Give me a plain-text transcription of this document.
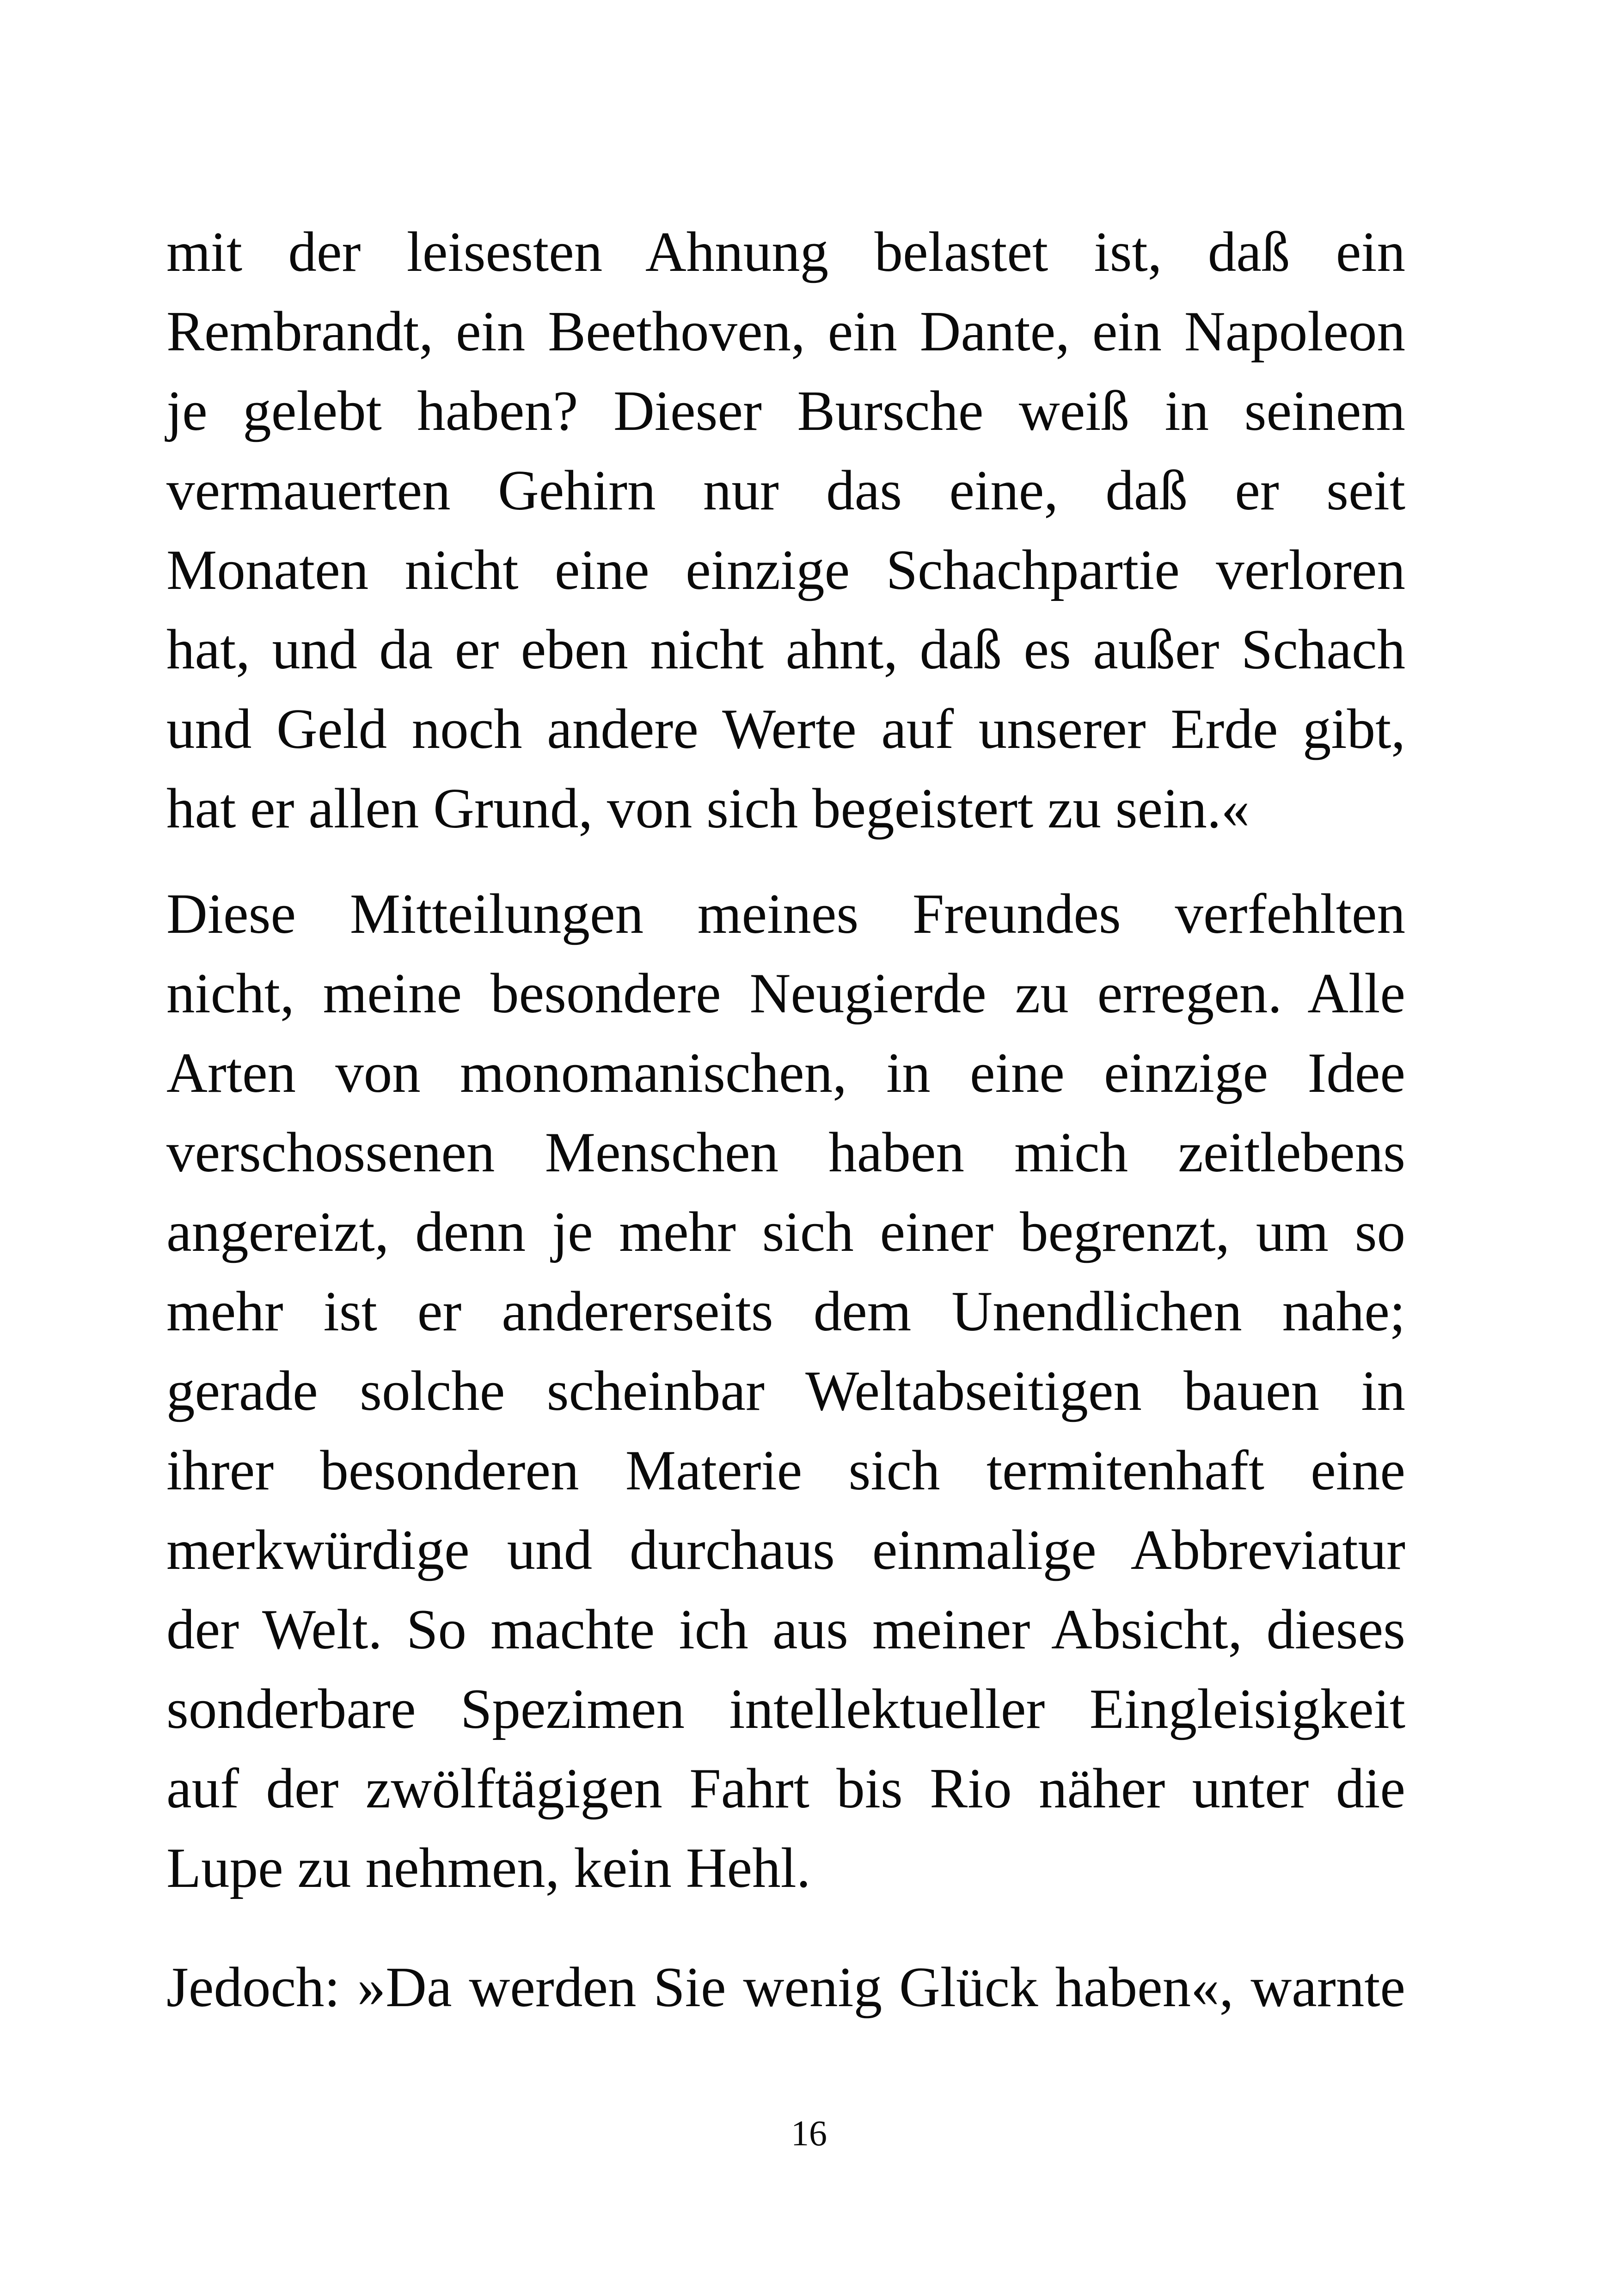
mit der leisesten Ahnung belastet ist, daß ein
Rembrandt, ein Beethoven, ein Dante, ein Napoleon
je gelebt haben? Dieser Bursche weiß in seinem
vermauerten Gehirn nur das eine, daß er seit
Monaten nicht eine einzige Schachpartie verloren
hat, und da er eben nicht ahnt, daß es außer Schach
und Geld noch andere Werte auf unserer Erde gibt,
hat er allen Grund, von sich begeistert zu sein.«
Diese Mitteilungen meines Freundes verfehlten
nicht, meine besondere Neugierde zu erregen. Alle
Arten von monomanischen, in eine einzige Idee
verschossenen Menschen haben mich zeitlebens
angereizt, denn je mehr sich einer begrenzt, um so
mehr ist er andererseits dem Unendlichen nahe;
gerade solche scheinbar Weltabseitigen bauen in
ihrer besonderen Materie sich termitenhaft eine
merkwürdige und durchaus einmalige Abbreviatur
der Welt. So machte ich aus meiner Absicht, dieses
sonderbare Spezimen intellektueller Eingleisigkeit
auf der zwölftägigen Fahrt bis Rio näher unter die
Lupe zu nehmen, kein Hehl.
Jedoch: »Da werden Sie wenig Glück haben«, warnte
16
